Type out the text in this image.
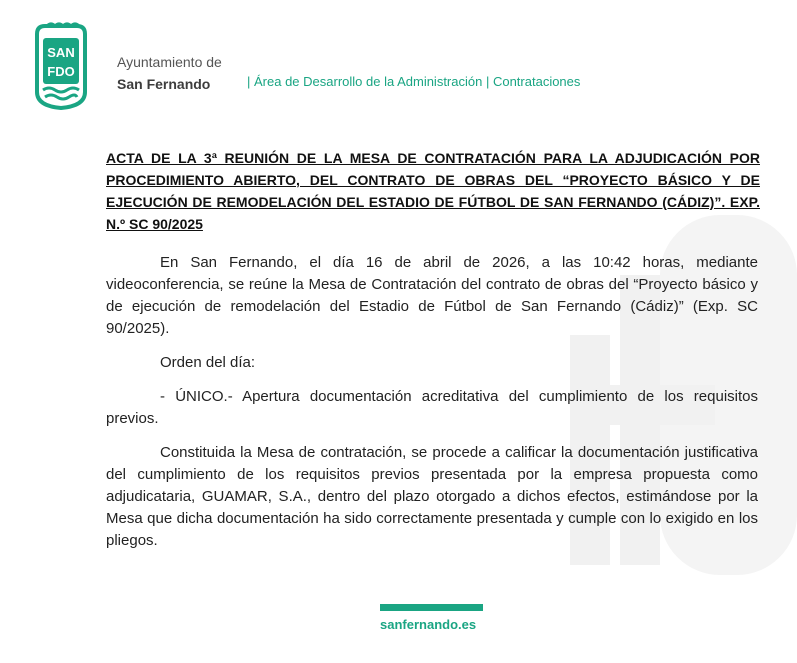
SAN
FDO
Ayuntamiento de
San Fernando	| Área de Desarrollo de la Administración | Contrataciones
ACTA DE LA 3ª REUNIÓN DE LA MESA DE CONTRATACIÓN PARA LA ADJUDICACIÓN POR PROCEDIMIENTO ABIERTO, DEL CONTRATO DE OBRAS DEL “PROYECTO BÁSICO Y DE EJECUCIÓN DE REMODELACIÓN DEL ESTADIO DE FÚTBOL DE SAN FERNANDO (CÁDIZ)”. EXP. N.º SC 90/2025

En San Fernando, el día 16 de abril de 2026, a las 10:42 horas, mediante videoconferencia, se reúne la Mesa de Contratación del contrato de obras del “Proyecto básico y de ejecución de remodelación del Estadio de Fútbol de San Fernando (Cádiz)” (Exp. SC 90/2025).

Orden del día:

- ÚNICO.- Apertura documentación acreditativa del cumplimiento de los requisitos previos.

Constituida la Mesa de contratación, se procede a calificar la documentación justificativa del cumplimiento de los requisitos previos presentada por la empresa propuesta como adjudicataria, GUAMAR, S.A., dentro del plazo otorgado a dichos efectos, estimándose por la Mesa que dicha documentación ha sido correctamente presentada y cumple con lo exigido en los pliegos.

sanfernando.es
